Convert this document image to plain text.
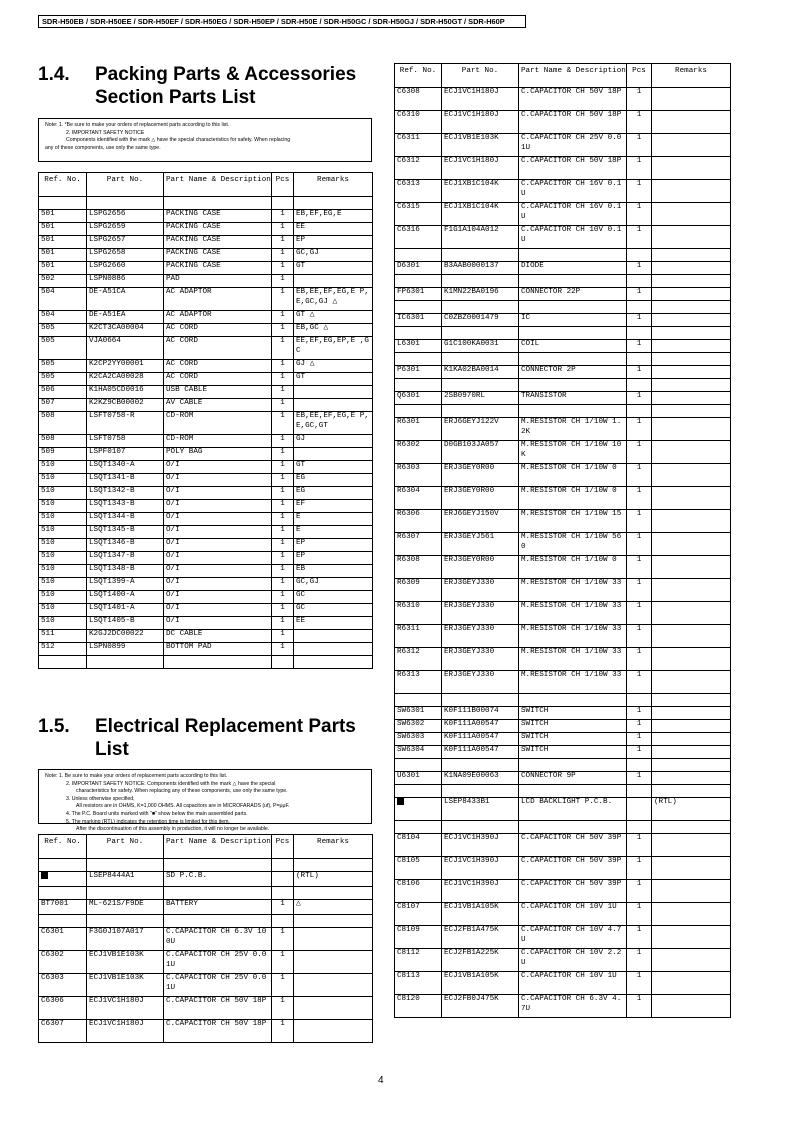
SDR-H50EB / SDR-H50EE / SDR-H50EF / SDR-H50EG / SDR-H50EP / SDR-H50E / SDR-H50GC / SDR-H50GJ / SDR-H50GT / SDR-H60P
1.4. Packing Parts & Accessories Section Parts List
Note: 1. *Be sure to make your orders of replacement parts according to this list.
2. IMPORTANT SAFETY NOTICE
Components identified with the mark △ have the special characteristics for safety. When replacing
any of these components, use only the same type.
Ref. No.	Part No.	Part Name & Description	Pcs	Remarks

501	LSPG2656	PACKING CASE	1	EB,EF,EG,E
501	LSPG2659	PACKING CASE	1	EE
501	LSPG2657	PACKING CASE	1	EP
501	LSPG2658	PACKING CASE	1	GC,GJ
501	LSPG2660	PACKING CASE	1	GT
502	LSPN0886	PAD	1	
504	DE-A51CA	AC ADAPTOR	1	EB,EE,EF,EG,E P,E,GC,GJ △
504	DE-A51EA	AC ADAPTOR	1	GT △
505	K2CT3CA00004	AC CORD	1	EB,GC △
505	VJA0664	AC CORD	1	EE,EF,EG,EP,E ,GC
505	K2CP2YY00001	AC CORD	1	GJ △
505	K2CA2CA00028	AC CORD	1	GT
506	K1HA05CD0016	USB CABLE	1	
507	K2KZ9CB00002	AV CABLE	1	
508	LSFT0758-R	CD-ROM	1	EB,EE,EF,EG,E P,E,GC,GT
508	LSFT0758	CD-ROM	1	GJ
509	LSPF0107	POLY BAG	1	
510	LSQT1340-A	O/I	1	GT
510	LSQT1341-B	O/I	1	EG
510	LSQT1342-B	O/I	1	EG
510	LSQT1343-B	O/I	1	EF
510	LSQT1344-B	O/I	1	E
510	LSQT1345-B	O/I	1	E
510	LSQT1346-B	O/I	1	EP
510	LSQT1347-B	O/I	1	EP
510	LSQT1348-B	O/I	1	EB
510	LSQT1399-A	O/I	1	GC,GJ
510	LSQT1400-A	O/I	1	GC
510	LSQT1401-A	O/I	1	GC
510	LSQT1405-B	O/I	1	EE
511	K2GJ2DC00022	DC CABLE	1	
512	LSPN0899	BOTTOM PAD	1	

1.5. Electrical Replacement Parts List
Note: 1. Be sure to make your orders of replacement parts according to this list.
2. IMPORTANT SAFETY NOTICE: Components identified with the mark △ have the special
characteristics for safety. When replacing any of these components, use only the same type.
3. Unless otherwise specified,
All resistors are in OHMS, K=1,000 OHMS. All capacitors are in MICROFARADS (uf), P=μμF.
4. The P.C. Board units marked with "■" show below the main assembled parts.
5. The marking (RTL) indicates the retention time is limited for this item.
After the discontinuation of this assembly in production, it will no longer be available.
Ref. No.	Part No.	Part Name & Description	Pcs	Remarks

	LSEP8444A1	SD P.C.B.		(RTL)

BT7001	ML-621S/F9DE	BATTERY	1	△

C6301	F3G0J107A017	C.CAPACITOR CH 6.3V 100U	1	
C6302	ECJ1VB1E103K	C.CAPACITOR CH 25V 0.01U	1	
C6303	ECJ1VB1E103K	C.CAPACITOR CH 25V 0.01U	1	
C6306	ECJ1VC1H180J	C.CAPACITOR CH 50V 18P	1	
C6307	ECJ1VC1H180J	C.CAPACITOR CH 50V 18P	1	
Ref. No.	Part No.	Part Name & Description	Pcs	Remarks
C6308	ECJ1VC1H180J	C.CAPACITOR CH 50V 18P	1	
C6310	ECJ1VC1H180J	C.CAPACITOR CH 50V 18P	1	
C6311	ECJ1VB1E103K	C.CAPACITOR CH 25V 0.01U	1	
C6312	ECJ1VC1H180J	C.CAPACITOR CH 50V 18P	1	
C6313	ECJ1XB1C104K	C.CAPACITOR CH 16V 0.1U	1	
C6315	ECJ1XB1C104K	C.CAPACITOR CH 16V 0.1U	1	
C6316	F1G1A104A012	C.CAPACITOR CH 10V 0.1U	1	

D6301	B3AAB0000137	DIODE	1	

FP6301	K1MN22BA0196	CONNECTOR 22P	1	

IC6301	C0ZBZ0001479	IC	1	

L6301	G1C100KA0031	COIL	1	

P6301	K1KA02BA0014	CONNECTOR 2P	1	

Q6301	2SB0970RL	TRANSISTOR	1	

R6301	ERJ6GEYJ122V	M.RESISTOR CH 1/10W 1.2K	1	
R6302	D0GB103JA057	M.RESISTOR CH 1/10W 10K	1	
R6303	ERJ3GEY0R00	M.RESISTOR CH 1/10W 0	1	
R6304	ERJ3GEY0R00	M.RESISTOR CH 1/10W 0	1	
R6306	ERJ6GEYJ150V	M.RESISTOR CH 1/10W 15	1	
R6307	ERJ3GEYJ561	M.RESISTOR CH 1/10W 560	1	
R6308	ERJ3GEY0R00	M.RESISTOR CH 1/10W 0	1	
R6309	ERJ3GEYJ330	M.RESISTOR CH 1/10W 33	1	
R6310	ERJ3GEYJ330	M.RESISTOR CH 1/10W 33	1	
R6311	ERJ3GEYJ330	M.RESISTOR CH 1/10W 33	1	
R6312	ERJ3GEYJ330	M.RESISTOR CH 1/10W 33	1	
R6313	ERJ3GEYJ330	M.RESISTOR CH 1/10W 33	1	

SW6301	K0F111B00074	SWITCH	1	
SW6302	K0F111A00547	SWITCH	1	
SW6303	K0F111A00547	SWITCH	1	
SW6304	K0F111A00547	SWITCH	1	

U6301	K1NA09E00063	CONNECTOR 9P	1	

	LSEP8433B1	LCD BACKLIGHT P.C.B.		(RTL)

C8104	ECJ1VC1H390J	C.CAPACITOR CH 50V 39P	1	
C8105	ECJ1VC1H390J	C.CAPACITOR CH 50V 39P	1	
C8106	ECJ1VC1H390J	C.CAPACITOR CH 50V 39P	1	
C8107	ECJ1VB1A105K	C.CAPACITOR CH 10V 1U	1	
C8109	ECJ2FB1A475K	C.CAPACITOR CH 10V 4.7U	1	
C8112	ECJ2FB1A225K	C.CAPACITOR CH 10V 2.2U	1	
C8113	ECJ1VB1A105K	C.CAPACITOR CH 10V 1U	1	
C8120	ECJ2FB0J475K	C.CAPACITOR CH 6.3V 4.7U	1	
4
